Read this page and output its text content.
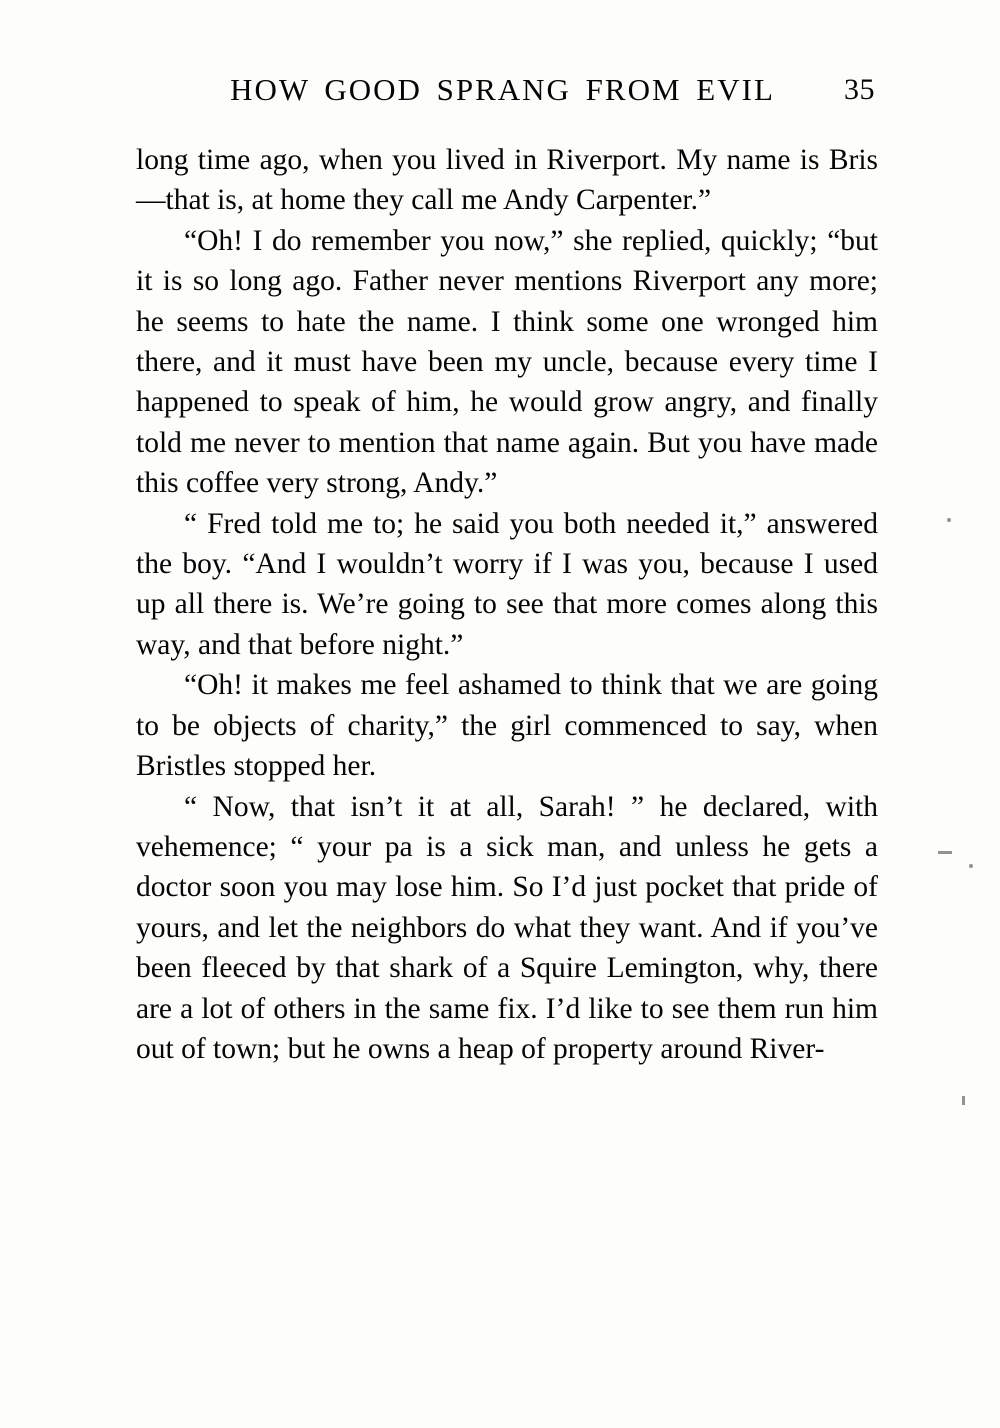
HOW GOOD SPRANG FROM EVIL 35

long time ago, when you lived in Riverport. My name is Bris—that is, at home they call me Andy Carpenter.”

“Oh! I do remember you now,” she replied, quickly; “but it is so long ago. Father never mentions Riverport any more; he seems to hate the name. I think some one wronged him there, and it must have been my uncle, because every time I happened to speak of him, he would grow angry, and finally told me never to mention that name again. But you have made this coffee very strong, Andy.”

“ Fred told me to; he said you both needed it,” answered the boy. “And I wouldn’t worry if I was you, because I used up all there is. We’re going to see that more comes along this way, and that before night.”

“Oh! it makes me feel ashamed to think that we are going to be objects of charity,” the girl commenced to say, when Bristles stopped her.

“ Now, that isn’t it at all, Sarah! ” he declared, with vehemence; “ your pa is a sick man, and unless he gets a doctor soon you may lose him. So I’d just pocket that pride of yours, and let the neighbors do what they want. And if you’ve been fleeced by that shark of a Squire Lemington, why, there are a lot of others in the same fix. I’d like to see them run him out of town; but he owns a heap of property around River-
